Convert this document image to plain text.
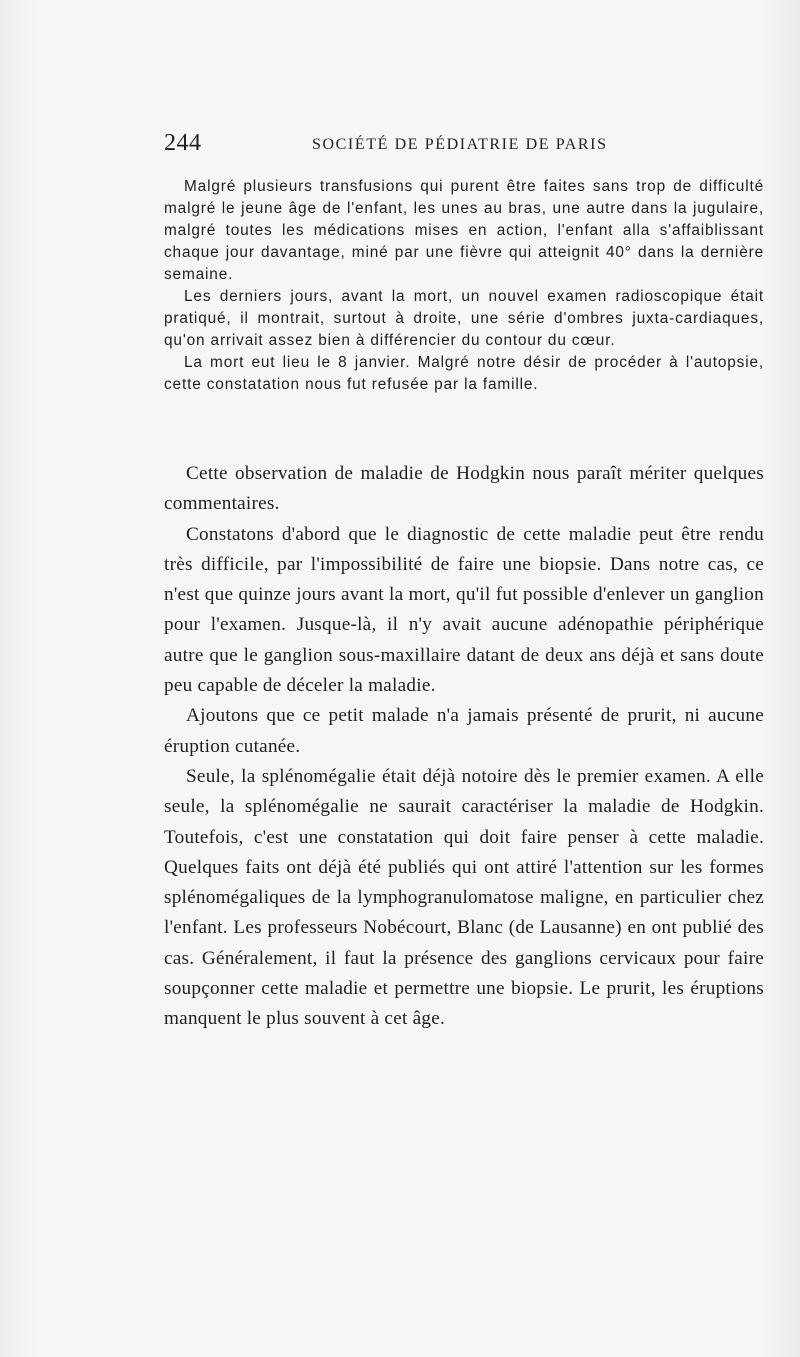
244	SOCIÉTÉ DE PÉDIATRIE DE PARIS

Malgré plusieurs transfusions qui purent être faites sans trop de difficulté malgré le jeune âge de l'enfant, les unes au bras, une autre dans la jugulaire, malgré toutes les médications mises en action, l'enfant alla s'affaiblissant chaque jour davantage, miné par une fièvre qui atteignit 40° dans la dernière semaine.

Les derniers jours, avant la mort, un nouvel examen radioscopique était pratiqué, il montrait, surtout à droite, une série d'ombres juxta-cardiaques, qu'on arrivait assez bien à différencier du contour du cœur.

La mort eut lieu le 8 janvier. Malgré notre désir de procéder à l'autopsie, cette constatation nous fut refusée par la famille.

Cette observation de maladie de Hodgkin nous paraît mériter quelques commentaires.

Constatons d'abord que le diagnostic de cette maladie peut être rendu très difficile, par l'impossibilité de faire une biopsie. Dans notre cas, ce n'est que quinze jours avant la mort, qu'il fut possible d'enlever un ganglion pour l'examen. Jusque-là, il n'y avait aucune adénopathie périphérique autre que le ganglion sous-maxillaire datant de deux ans déjà et sans doute peu capable de déceler la maladie.

Ajoutons que ce petit malade n'a jamais présenté de prurit, ni aucune éruption cutanée.

Seule, la splénomégalie était déjà notoire dès le premier examen. A elle seule, la splénomégalie ne saurait caractériser la maladie de Hodgkin. Toutefois, c'est une constatation qui doit faire penser à cette maladie. Quelques faits ont déjà été publiés qui ont attiré l'attention sur les formes splénomégaliques de la lymphogranulomatose maligne, en particulier chez l'enfant. Les professeurs Nobécourt, Blanc (de Lausanne) en ont publié des cas. Généralement, il faut la présence des ganglions cervicaux pour faire soupçonner cette maladie et permettre une biopsie. Le prurit, les éruptions manquent le plus souvent à cet âge.
